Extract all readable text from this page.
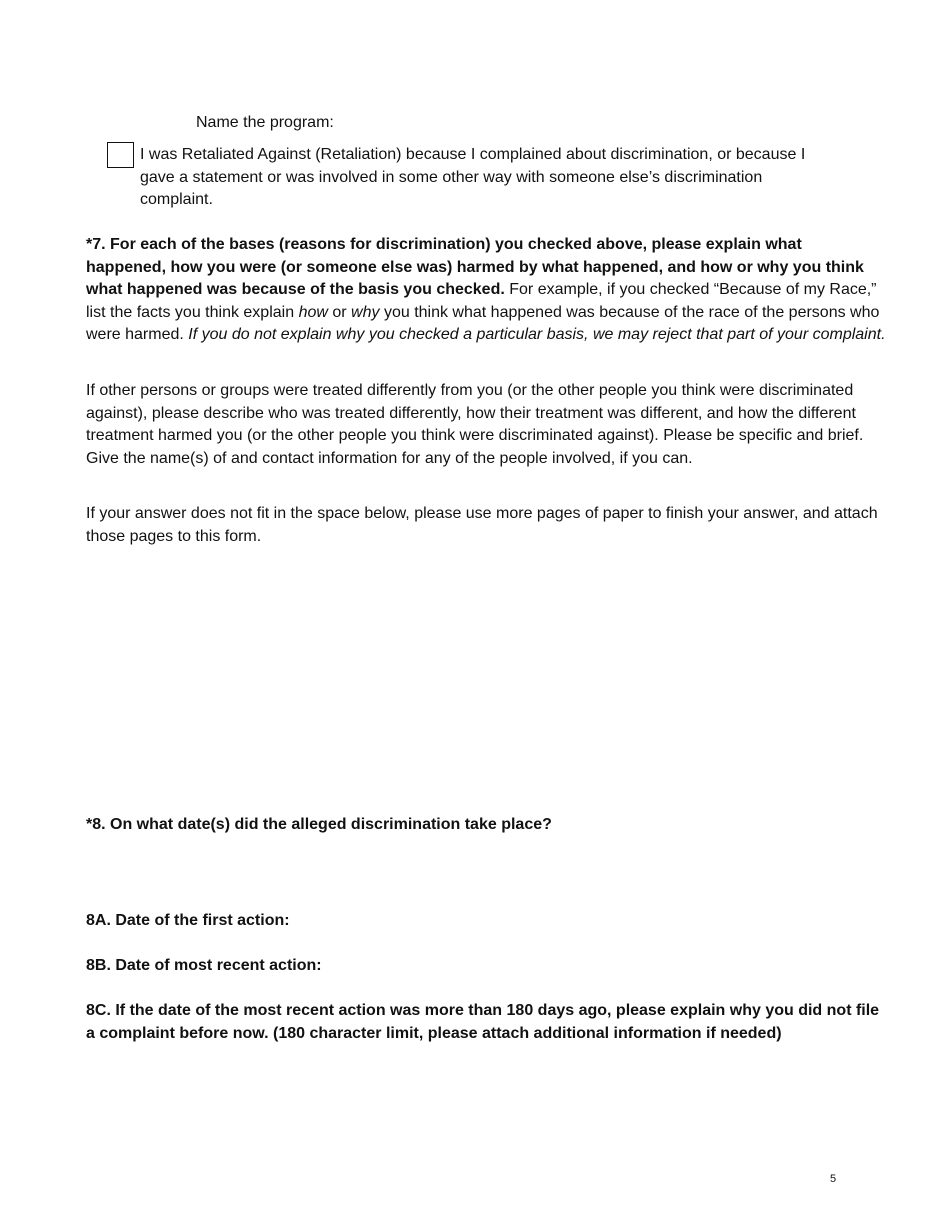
Name the program:
I was Retaliated Against (Retaliation) because I complained about discrimination, or because I gave a statement or was involved in some other way with someone else’s discrimination complaint.
*7. For each of the bases (reasons for discrimination) you checked above, please explain what happened, how you were (or someone else was) harmed by what happened, and how or why you think what happened was because of the basis you checked. For example, if you checked “Because of my Race,” list the facts you think explain how or why you think what happened was because of the race of the persons who were harmed. If you do not explain why you checked a particular basis, we may reject that part of your complaint.
If other persons or groups were treated differently from you (or the other people you think were discriminated against), please describe who was treated differently, how their treatment was different, and how the different treatment harmed you (or the other people you think were discriminated against). Please be specific and brief. Give the name(s) of and contact information for any of the people involved, if you can.
If your answer does not fit in the space below, please use more pages of paper to finish your answer, and attach those pages to this form.
*8. On what date(s) did the alleged discrimination take place?
8A. Date of the first action:
8B. Date of most recent action:
8C. If the date of the most recent action was more than 180 days ago, please explain why you did not file a complaint before now. (180 character limit, please attach additional information if needed)
5
